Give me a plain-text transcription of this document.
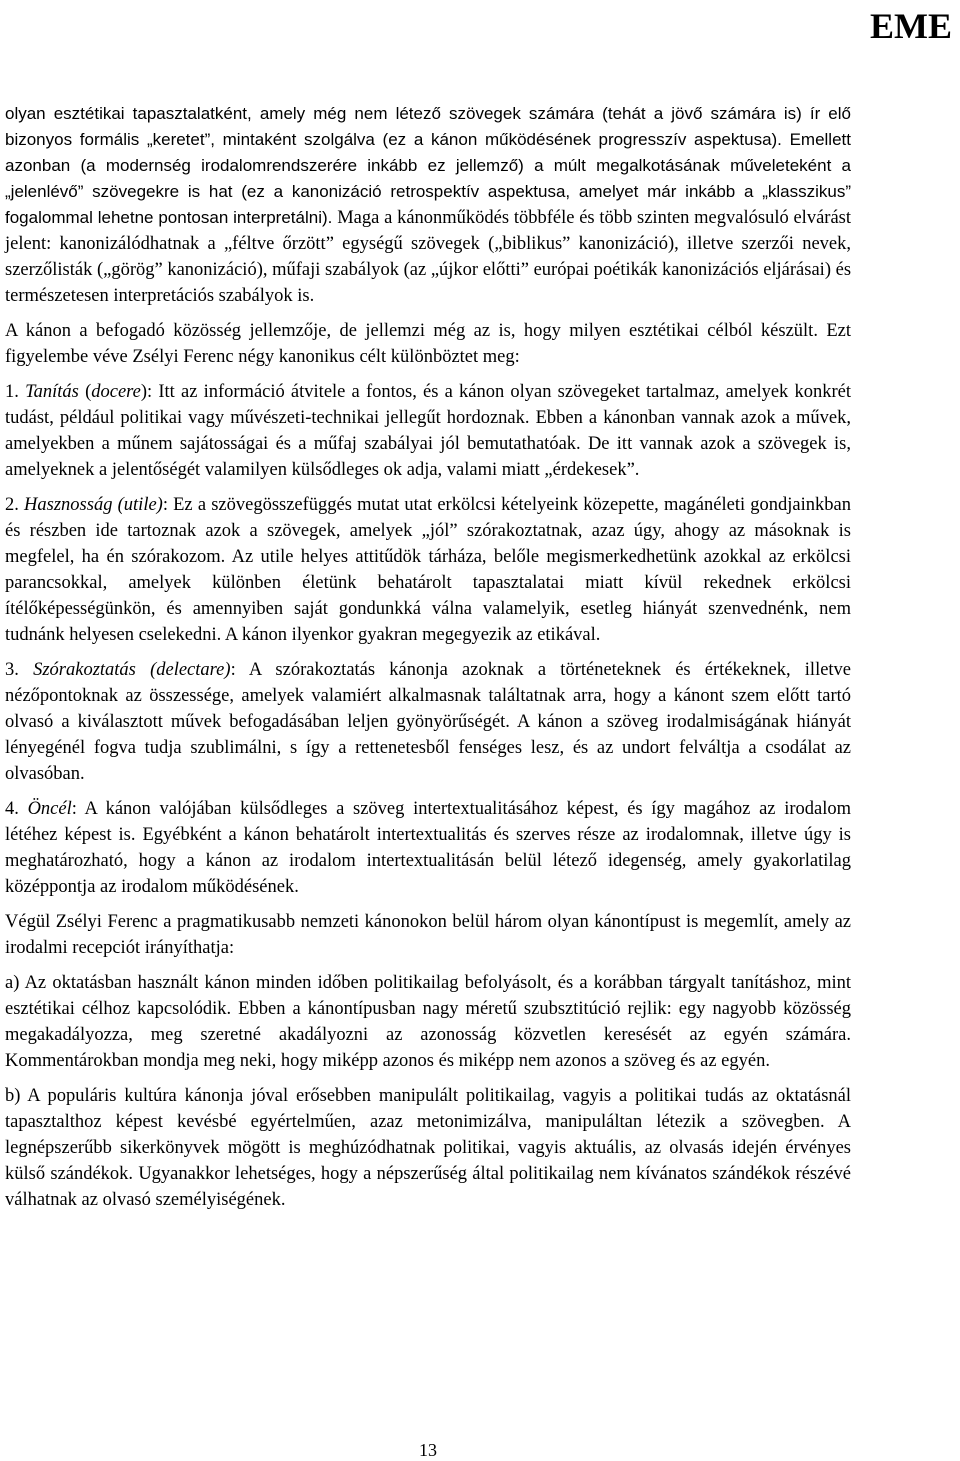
EME

olyan esztétikai tapasztalatként, amely még nem létező szövegek számára (tehát a jövő számára is) ír elő bizonyos formális „keretet”, mintaként szolgálva (ez a kánon működésének progresszív aspektusa). Emellett azonban (a modernség irodalomrendszerére inkább ez jellemző) a múlt megalkotásának műveleteként a „jelenlévő” szövegekre is hat (ez a kanonizáció retrospektív aspektusa, amelyet már inkább a „klasszikus” fogalommal lehetne pontosan interpretálni). Maga a kánonműködés többféle és több szinten megvalósuló elvárást jelent: kanonizálódhatnak a „féltve őrzött” egységű szövegek („biblikus” kanonizáció), illetve szerzői nevek, szerzőlisták („görög” kanonizáció), műfaji szabályok (az „újkor előtti” európai poétikák kanonizációs eljárásai) és természetesen interpretációs szabályok is.

A kánon a befogadó közösség jellemzője, de jellemzi még az is, hogy milyen esztétikai célból készült. Ezt figyelembe véve Zsélyi Ferenc négy kanonikus célt különböztet meg:

1. Tanítás (docere): Itt az információ átvitele a fontos, és a kánon olyan szövegeket tartalmaz, amelyek konkrét tudást, például politikai vagy művészeti-technikai jellegűt hordoznak. Ebben a kánonban vannak azok a művek, amelyekben a műnem sajátosságai és a műfaj szabályai jól bemutathatóak. De itt vannak azok a szövegek is, amelyeknek a jelentőségét valamilyen külsődleges ok adja, valami miatt „érdekesek”.

2. Hasznosság (utile): Ez a szövegösszefüggés mutat utat erkölcsi kételyeink közepette, magánéleti gondjainkban és részben ide tartoznak azok a szövegek, amelyek „jól” szórakoztatnak, azaz úgy, ahogy az másoknak is megfelel, ha én szórakozom. Az utile helyes attitűdök tárháza, belőle megismerkedhetünk azokkal az erkölcsi parancsokkal, amelyek különben életünk behatárolt tapasztalatai miatt kívül rekednek erkölcsi ítélőképességünkön, és amennyiben saját gondunkká válna valamelyik, esetleg hiányát szenvednénk, nem tudnánk helyesen cselekedni. A kánon ilyenkor gyakran megegyezik az etikával.

3. Szórakoztatás (delectare): A szórakoztatás kánonja azoknak a történeteknek és értékeknek, illetve nézőpontoknak az összessége, amelyek valamiért alkalmasnak találtatnak arra, hogy a kánont szem előtt tartó olvasó a kiválasztott művek befogadásában leljen gyönyörűségét. A kánon a szöveg irodalmiságának hiányát lényegénél fogva tudja szublimálni, s így a rettenetesből fenséges lesz, és az undort felváltja a csodálat az olvasóban.

4. Öncél: A kánon valójában külsődleges a szöveg intertextualitásához képest, és így magához az irodalom létéhez képest is. Egyébként a kánon behatárolt intertextualitás és szerves része az irodalomnak, illetve úgy is meghatározható, hogy a kánon az irodalom intertextualitásán belül létező idegenség, amely gyakorlatilag középpontja az irodalom működésének.

Végül Zsélyi Ferenc a pragmatikusabb nemzeti kánonokon belül három olyan kánontípust is megemlít, amely az irodalmi recepciót irányíthatja:

a) Az oktatásban használt kánon minden időben politikailag befolyásolt, és a korábban tárgyalt tanításhoz, mint esztétikai célhoz kapcsolódik. Ebben a kánontípusban nagy méretű szubsztitúció rejlik: egy nagyobb közösség megakadályozza, meg szeretné akadályozni az azonosság közvetlen keresését az egyén számára. Kommentárokban mondja meg neki, hogy miképp azonos és miképp nem azonos a szöveg és az egyén.

b) A populáris kultúra kánonja jóval erősebben manipulált politikailag, vagyis a politikai tudás az oktatásnál tapasztalthoz képest kevésbé egyértelműen, azaz metonimizálva, manipuláltan létezik a szövegben. A legnépszerűbb sikerkönyvek mögött is meghúzódhatnak politikai, vagyis aktuális, az olvasás idején érvényes külső szándékok. Ugyanakkor lehetséges, hogy a népszerűség által politikailag nem kívánatos szándékok részévé válhatnak az olvasó személyiségének.

13
